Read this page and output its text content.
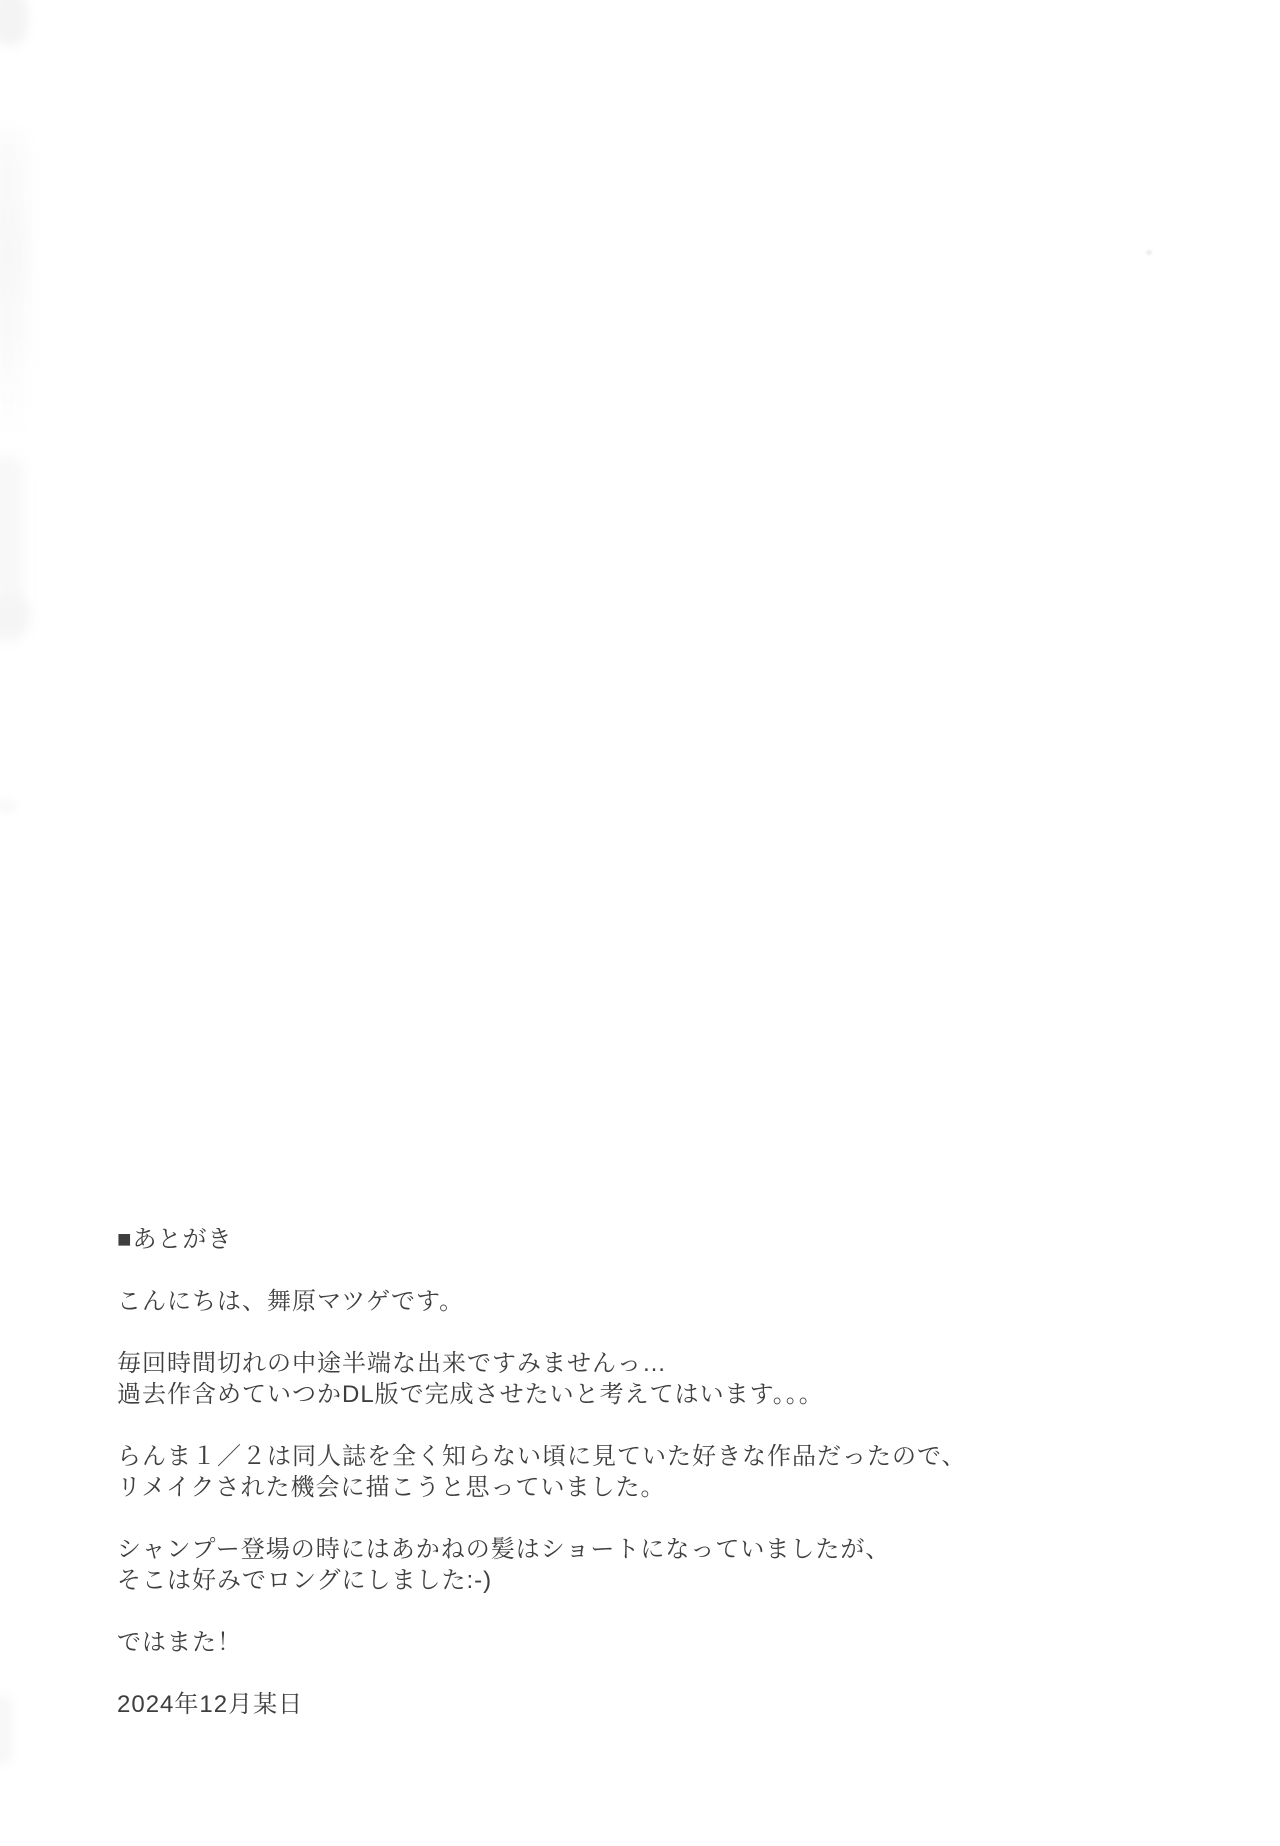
■あとがき

こんにちは、舞原マツゲです。

毎回時間切れの中途半端な出来ですみませんっ…
過去作含めていつかDL版で完成させたいと考えてはいます。。。

らんま１／２は同人誌を全く知らない頃に見ていた好きな作品だったので、
リメイクされた機会に描こうと思っていました。

シャンプー登場の時にはあかねの髪はショートになっていましたが、
そこは好みでロングにしました:-)

ではまた！

2024年12月某日
